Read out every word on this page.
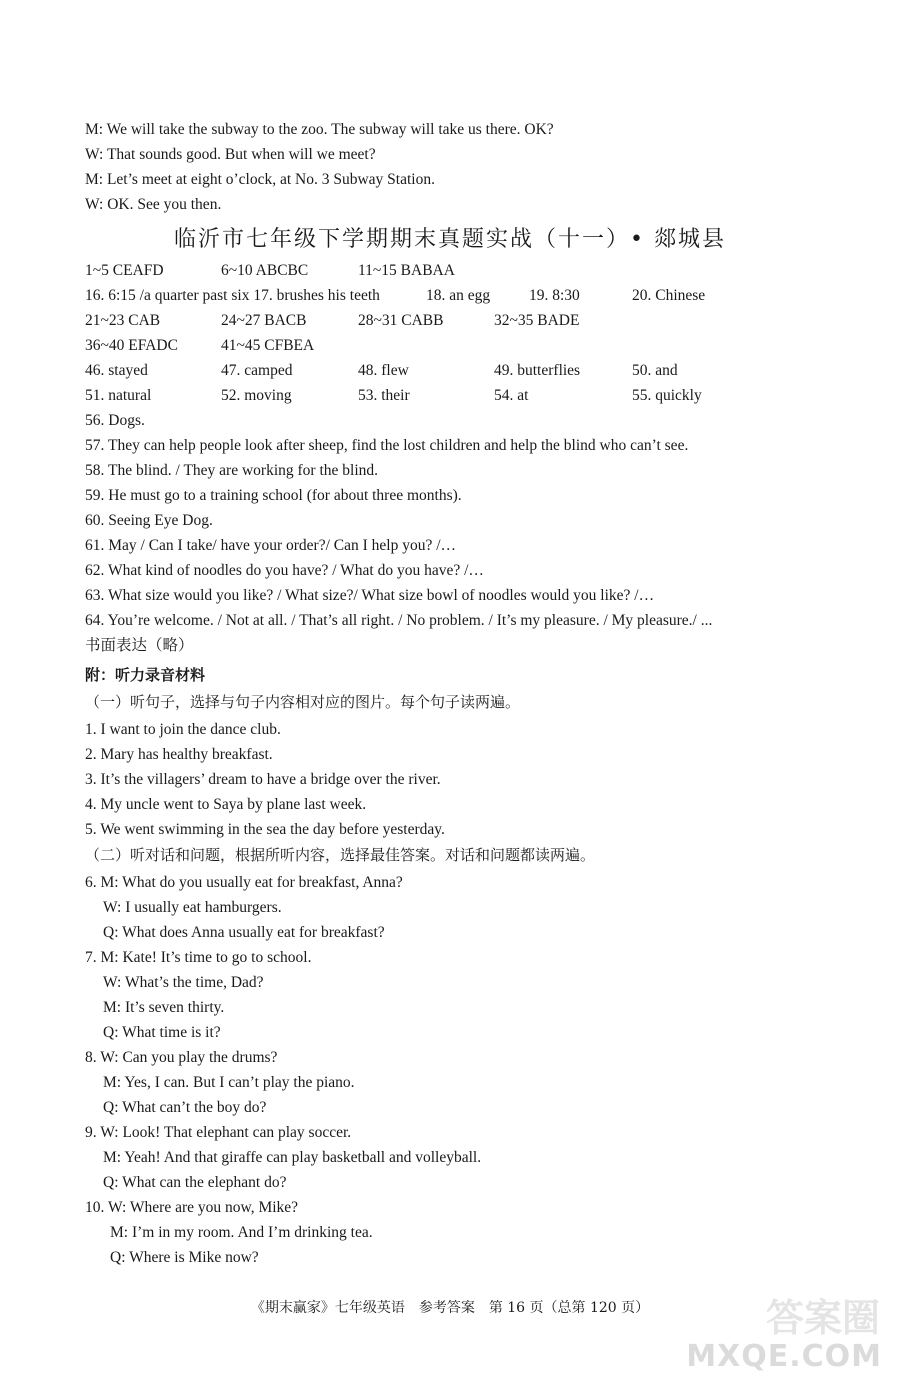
M: We will take the subway to the zoo. The subway will take us there. OK?
W: That sounds good. But when will we meet?
M: Let’s meet at eight o’clock, at No. 3 Subway Station.
W: OK. See you then.
临沂市七年级下学期期末真题实战（十一）• 郯城县
1~5 CEAFD	6~10 ABCBC	11~15 BABAA
16. 6:15 /a quarter past six 17. brushes his teeth	18. an egg	19. 8:30	20. Chinese
21~23 CAB	24~27 BACB	28~31 CABB	32~35 BADE
36~40 EFADC	41~45 CFBEA
46. stayed	47. camped	48. flew	49. butterflies	50. and
51. natural	52. moving	53. their	54. at	55. quickly
56. Dogs.
57. They can help people look after sheep, find the lost children and help the blind who can’t see.
58. The blind. / They are working for the blind.
59. He must go to a training school (for about three months).
60. Seeing Eye Dog.
61. May / Can I take/ have your order?/ Can I help you? /…
62. What kind of noodles do you have? / What do you have? /…
63. What size would you like? / What size?/ What size bowl of noodles would you like? /…
64. You’re welcome. / Not at all. / That’s all right. / No problem. / It’s my pleasure. / My pleasure./ ...
书面表达（略）
附：听力录音材料
（一）听句子，选择与句子内容相对应的图片。每个句子读两遍。
1. I want to join the dance club.
2. Mary has healthy breakfast.
3. It’s the villagers’ dream to have a bridge over the river.
4. My uncle went to Saya by plane last week.
5. We went swimming in the sea the day before yesterday.
（二）听对话和问题，根据所听内容，选择最佳答案。对话和问题都读两遍。
6. M: What do you usually eat for breakfast, Anna?
W: I usually eat hamburgers.
Q: What does Anna usually eat for breakfast?
7. M: Kate! It’s time to go to school.
W: What’s the time, Dad?
M: It’s seven thirty.
Q: What time is it?
8. W: Can you play the drums?
M: Yes, I can. But I can’t play the piano.
Q: What can’t the boy do?
9. W: Look! That elephant can play soccer.
M: Yeah! And that giraffe can play basketball and volleyball.
Q: What can the elephant do?
10. W: Where are you now, Mike?
M: I’m in my room. And I’m drinking tea.
Q: Where is Mike now?
《期末赢家》七年级英语　参考答案　第 16 页（总第 120 页）	答案圈
MXQE.COM
